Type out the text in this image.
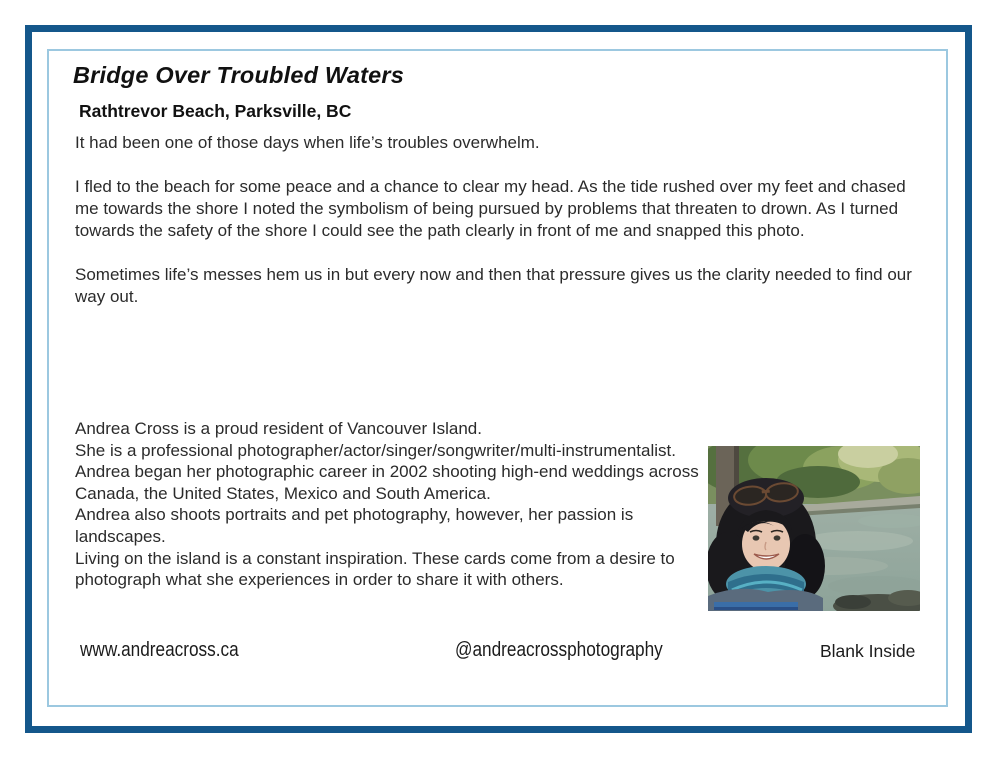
Bridge Over Troubled Waters
Rathtrevor Beach, Parksville, BC

It had been one of those days when life’s troubles overwhelm.

I fled to the beach for some peace and a chance to clear my head. As the tide rushed over my feet and chased me towards the shore I noted the symbolism of being pursued by problems that threaten to drown. As I turned towards the safety of the shore I could see the path clearly in front of me and snapped this photo.

Sometimes life’s messes hem us in but every now and then that pressure gives us the clarity needed to find our way out.

Andrea Cross is a proud resident of Vancouver Island.

She is a professional photographer/actor/singer/songwriter/multi-instrumentalist.

Andrea began her photographic career in 2002 shooting high-end weddings across Canada, the United States, Mexico and South America.

Andrea also shoots portraits and pet photography, however, her passion is landscapes.

Living on the island is a constant inspiration. These cards come from a desire to photograph what she experiences in order to share it with others.

www.andreacross.ca	@andreacrossphotography	Blank Inside
